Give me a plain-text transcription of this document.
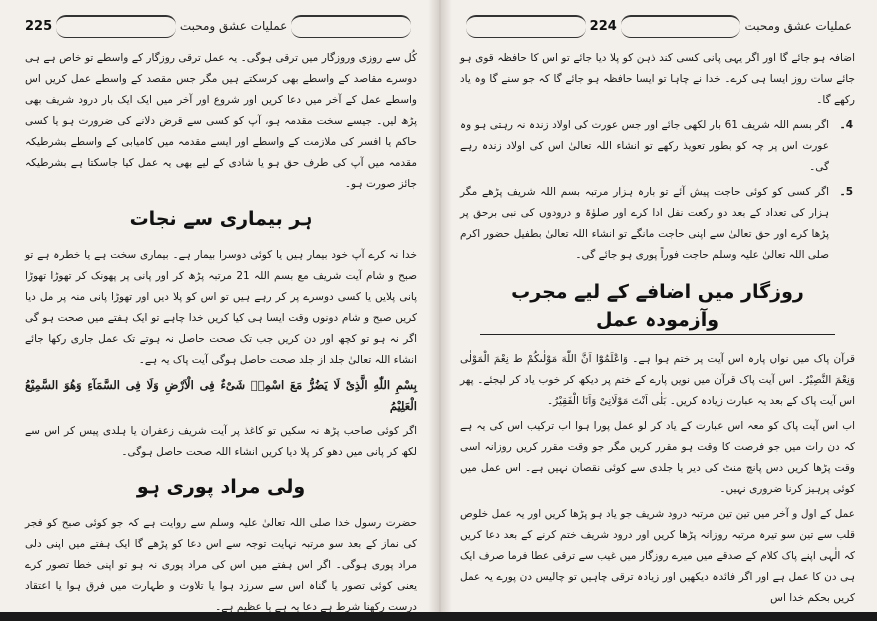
225	عملیات عشق ومحبت

کُل سے روزی وروزگار میں ترقی ہوگی۔ یہ عمل ترقی روزگار کے واسطے تو خاص ہے ہی دوسرے مقاصد کے واسطے بھی کرسکتے ہیں مگر جس مقصد کے واسطے عمل کریں اس واسطے عمل کے آخر میں دعا کریں اور شروع اور آخر میں ایک ایک بار درود شریف بھی پڑھ لیں۔ جیسے سخت مقدمہ ہو، آپ کو کسی سے قرض دلانے کی ضرورت ہو یا کسی حاکم یا افسر کی ملازمت کے واسطے اور ایسے مقدمہ میں کامیابی کے واسطے بشرطیکہ مقدمہ میں آپ کی طرف حق ہو یا شادی کے لیے بھی یہ عمل کیا جاسکتا ہے بشرطیکہ جائز صورت ہو۔

ہر بیماری سے نجات

خدا نہ کرے آپ خود بیمار ہیں یا کوئی دوسرا بیمار ہے۔ بیماری سخت ہے یا خطرہ ہے تو صبح و شام آیت شریف مع بسم اللہ 21 مرتبہ پڑھ کر اور پانی پر پھونک کر تھوڑا تھوڑا پانی پلایں یا کسی دوسرے پر کر رہے ہیں تو اس کو پلا دیں اور تھوڑا پانی منہ پر مل دیا کریں صبح و شام دونوں وقت ایسا ہی کیا کریں خدا چاہے تو ایک ہفتے میں صحت ہو گی اگر نہ ہو تو کچھ اور دن کریں جب تک صحت حاصل نہ ہوتے تک عمل جاری رکھا جائے انشاء اللہ تعالیٰ جلد از جلد صحت حاصل ہوگی آیت پاک یہ ہے۔

بِسْمِ اللّٰهِ الَّذِیْ لَا یَضُرُّ مَعَ اسْمِهٖ شَیْءٌ فِی الْاَرْضِ وَلَا فِی السَّمَآءِ وَهُوَ السَّمِیْعُ الْعَلِیْمُ

اگر کوئی صاحب پڑھ نہ سکیں تو کاغذ پر آیت شریف زعفران یا ہلدی پیس کر اس سے لکھ کر پانی میں دھو کر پلا دیا کریں انشاء اللہ صحت حاصل ہوگی۔

ولی مراد پوری ہو

حضرت رسول خدا صلی اللہ تعالیٰ علیہ وسلم سے روایت ہے کہ جو کوئی صبح کو فجر کی نماز کے بعد سو مرتبہ نہایت توجہ سے اس دعا کو پڑھے گا ایک ہفتے میں اپنی دلی مراد پوری ہوگی۔ اگر اس ہفتے میں اس کی مراد پوری نہ ہو تو اپنی خطا تصور کرے یعنی کوئی تصور یا گناہ اس سے سرزد ہوا یا تلاوت و طہارت میں فرق ہوا یا اعتقاد درست رکھنا شرط ہے دعا یہ ہے یا عظیم ہے۔

224	عملیات عشق ومحبت

اضافہ ہو جائے گا اور اگر یہی پانی کسی کند ذہن کو پلا دیا جائے تو اس کا حافظہ قوی ہو جائے سات روز ایسا ہی کرے۔ خدا نے چاہا تو ایسا حافظہ ہو جائے گا کہ جو سنے گا وہ یاد رکھے گا۔

4۔
اگر بسم اللہ شریف 61 بار لکھی جائے اور جس عورت کی اولاد زندہ نہ رہتی ہو وہ عورت اس پر چہ کو بطور تعویذ رکھے تو انشاء اللہ تعالیٰ اس کی اولاد زندہ رہے گی۔
5۔
اگر کسی کو کوئی حاجت پیش آئے تو بارہ ہزار مرتبہ بسم اللہ شریف پڑھے مگر ہزار کی تعداد کے بعد دو رکعت نفل ادا کرے اور صلوٰۃ و درودوں کی نبی برحق پر پڑھا کرے اور حق تعالیٰ سے اپنی حاجت مانگے تو انشاء اللہ تعالیٰ بطفیل حضور اکرم صلی اللہ تعالیٰ علیہ وسلم حاجت فوراً پوری ہو جائے گی۔
روزگار میں اضافے کے لیے مجرب وآزمودہ عمل

قرآن پاک میں نواں پارہ اس آیت پر ختم ہوا ہے۔ وَاعْلَمُوْٓا اَنَّ اللّٰهَ مَوْلٰىكُمْ ط نِعْمَ الْمَوْلٰى وَنِعْمَ النَّصِیْرُ۔ اس آیت پاک قرآن میں نویں پارے کے ختم پر دیکھ کر خوب یاد کر لیجئے۔ پھر اس آیت پاک کے بعد یہ عبارت زیادہ کریں۔ بَلٰى اَنْتَ مَوْلَانِیْ وَاَنَا الْفَقِیْرُ۔

اب اس آیت پاک کو معہ اس عبارت کے یاد کر لو عمل پورا ہوا اب ترکیب اس کی یہ ہے کہ دن رات میں جو فرصت کا وقت ہو مقرر کریں مگر جو وقت مقرر کریں روزانہ اسی وقت پڑھا کریں دس پانچ منٹ کی دیر یا جلدی سے کوئی نقصان نہیں ہے۔ اس عمل میں کوئی پرہیز کرنا ضروری نہیں۔

عمل کے اول و آخر میں تین تین مرتبہ درود شریف جو یاد ہو پڑھا کریں اور یہ عمل خلوص قلب سے تین سو تیرہ مرتبہ روزانہ پڑھا کریں اور درود شریف ختم کرنے کے بعد دعا کریں کہ الٰہی اپنے پاک کلام کے صدقے میں میرے روزگار میں غیب سے ترقی عطا فرما صرف ایک ہی دن کا عمل ہے اور اگر فائدہ دیکھیں اور زیادہ ترقی چاہیں تو چالیس دن پورے یہ عمل کریں بحکم خدا اس
